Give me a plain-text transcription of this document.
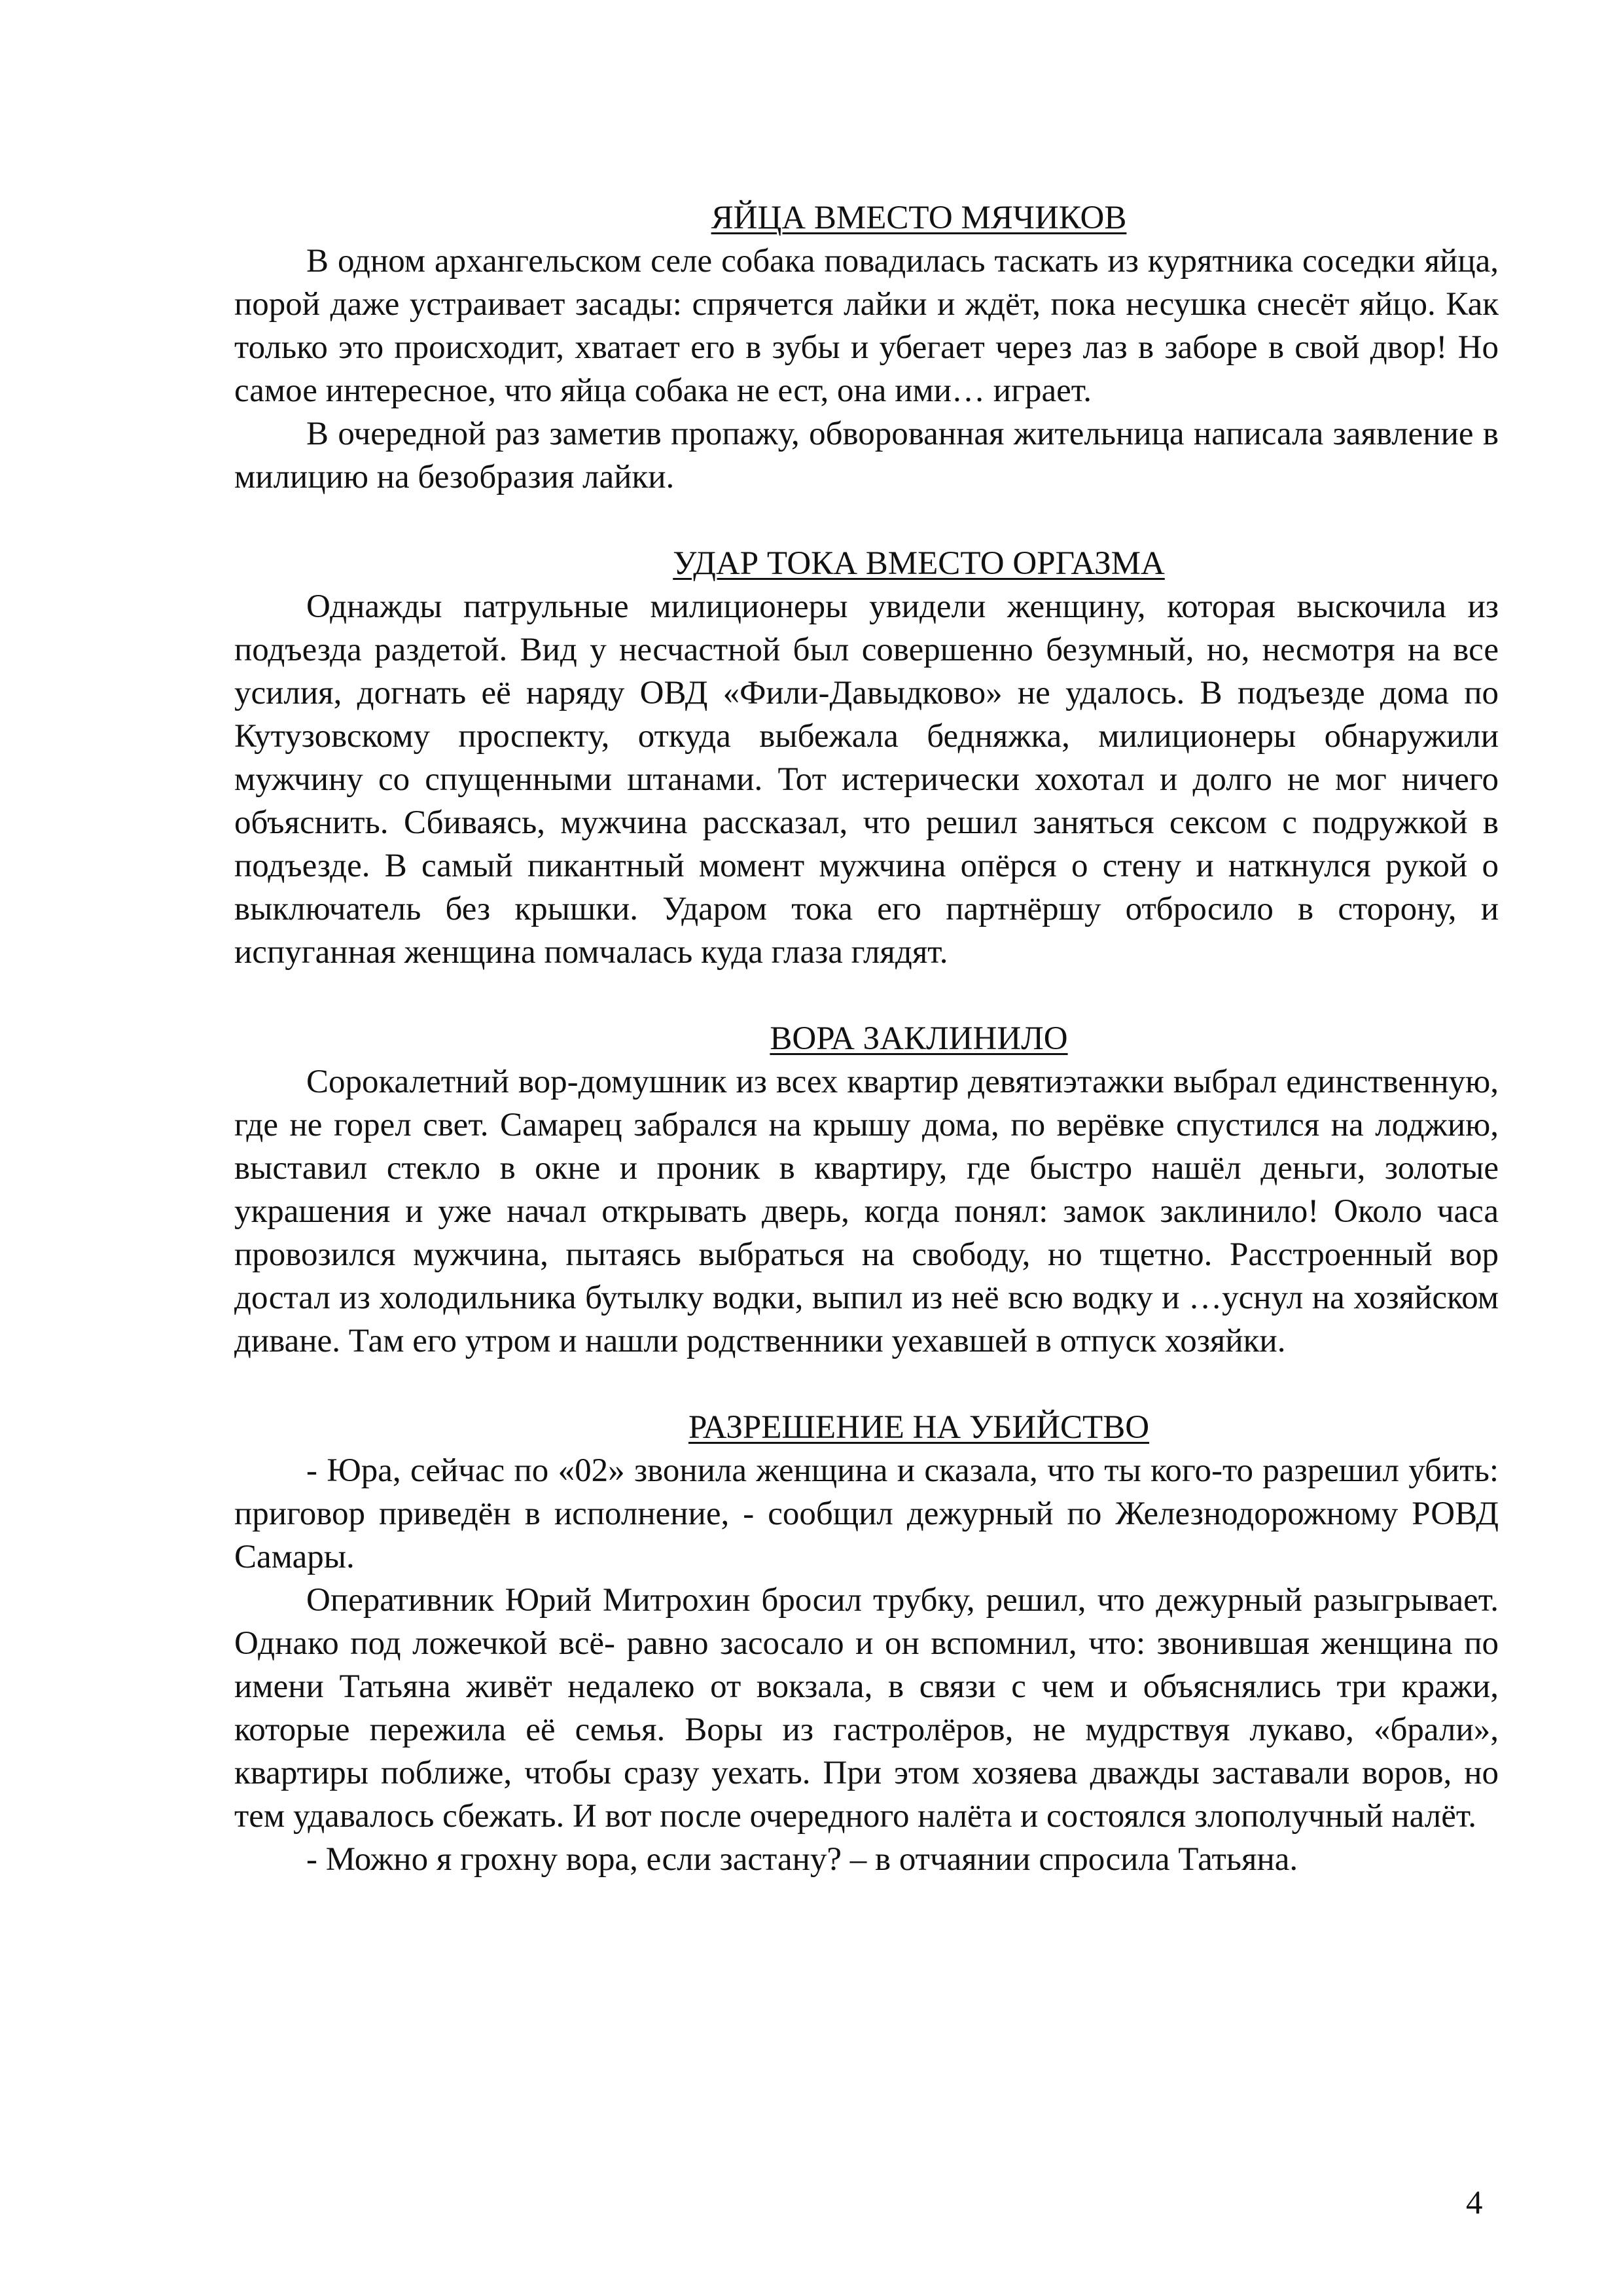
ЯЙЦА ВМЕСТО МЯЧИКОВ

В одном архангельском селе собака повадилась таскать из курятника соседки яйца, порой даже устраивает засады: спрячется лайки и ждёт, пока несушка снесёт яйцо. Как только это происходит, хватает его в зубы и убегает через лаз в заборе в свой двор! Но самое интересное, что яйца собака не ест, она ими… играет.

В очередной раз заметив пропажу, обворованная жительница написала заявление в милицию на безобразия лайки.

УДАР ТОКА ВМЕСТО ОРГАЗМА

Однажды патрульные милиционеры увидели женщину, которая выскочила из подъезда раздетой. Вид у несчастной был совершенно безумный, но, несмотря на все усилия, догнать её наряду ОВД «Фили-Давыдково» не удалось. В подъезде дома по Кутузовскому проспекту, откуда выбежала бедняжка, милиционеры обнаружили мужчину со спущенными штанами. Тот истерически хохотал и долго не мог ничего объяснить. Сбиваясь, мужчина рассказал, что решил заняться сексом с подружкой в подъезде. В самый пикантный момент мужчина опёрся о стену и наткнулся рукой о выключатель без крышки. Ударом тока его партнёршу отбросило в сторону, и испуганная женщина помчалась куда глаза глядят.

ВОРА ЗАКЛИНИЛО

Сорокалетний вор-домушник из всех квартир девятиэтажки выбрал единственную, где не горел свет. Самарец забрался на крышу дома, по верёвке спустился на лоджию, выставил стекло в окне и проник в квартиру, где быстро нашёл деньги, золотые украшения и уже начал открывать дверь, когда понял: замок заклинило! Около часа провозился мужчина, пытаясь выбраться на свободу, но тщетно. Расстроенный вор достал из холодильника бутылку водки, выпил из неё всю водку и …уснул на хозяйском диване. Там его утром и нашли родственники уехавшей в отпуск хозяйки.

РАЗРЕШЕНИЕ НА УБИЙСТВО

- Юра, сейчас по «02» звонила женщина и сказала, что ты кого-то разрешил убить: приговор приведён в исполнение, - сообщил дежурный по Железнодорожному РОВД Самары.

Оперативник Юрий Митрохин бросил трубку, решил, что дежурный разыгрывает. Однако под ложечкой всё- равно засосало и он вспомнил, что: звонившая женщина по имени Татьяна живёт недалеко от вокзала, в связи с чем и объяснялись три кражи, которые пережила её семья. Воры из гастролёров, не мудрствуя лукаво, «брали», квартиры поближе, чтобы сразу уехать. При этом хозяева дважды заставали воров, но тем удавалось сбежать. И вот после очередного налёта и состоялся злополучный налёт.

- Можно я грохну вора, если застану? – в отчаянии спросила Татьяна.

4
